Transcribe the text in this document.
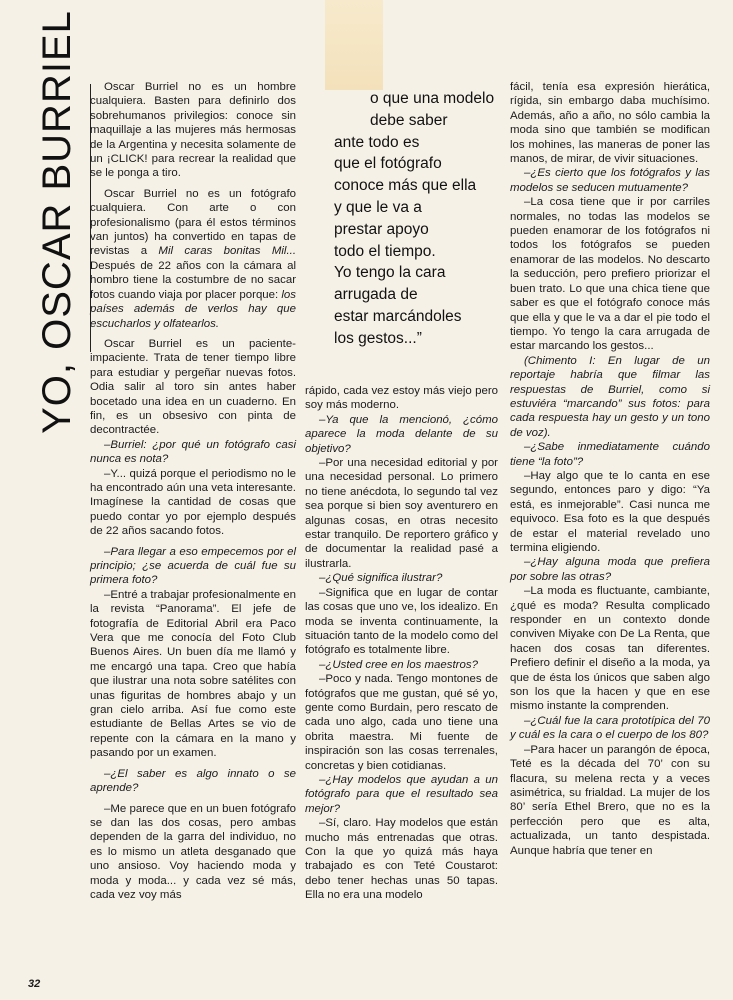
YO, OSCAR BURRIEL	Oscar Burriel no es un hombre cualquiera. Basten para definirlo dos sobrehumanos privilegios: conoce sin maquillaje a las mujeres más hermosas de la Argentina y necesita solamente de un ¡CLICK! para recrear la realidad que se le ponga a tiro.

Oscar Burriel no es un fotógrafo cualquiera. Con arte o con profesionalismo (para él estos términos van juntos) ha convertido en tapas de revistas a Mil caras bonitas Mil... Después de 22 años con la cámara al hombro tiene la costumbre de no sacar fotos cuando viaja por placer porque: los países además de verlos hay que escucharlos y olfatearlos.

Oscar Burriel es un paciente-impaciente. Trata de tener tiempo libre para estudiar y pergeñar nuevas fotos. Odia salir al toro sin antes haber bocetado una idea en un cuaderno. En fin, es un obsesivo con pinta de decontractée.

–Burriel: ¿por qué un fotógrafo casi nunca es nota?

–Y... quizá porque el periodismo no le ha encontrado aún una veta interesante. Imagínese la cantidad de cosas que puedo contar yo por ejemplo después de 22 años sacando fotos.

–Para llegar a eso empecemos por el principio; ¿se acuerda de cuál fue su primera foto?

–Entré a trabajar profesionalmente en la revista “Panorama”. El jefe de fotografía de Editorial Abril era Paco Vera que me conocía del Foto Club Buenos Aires. Un buen día me llamó y me encargó una tapa. Creo que había que ilustrar una nota sobre satélites con unas figuritas de hombres abajo y un gran cielo arriba. Así fue como este estudiante de Bellas Artes se vio de repente con la cámara en la mano y pasando por un examen.

–¿El saber es algo innato o se aprende?

–Me parece que en un buen fotógrafo se dan las dos cosas, pero ambas dependen de la garra del individuo, no es lo mismo un atleta desganado que uno ansioso. Voy haciendo moda y moda y moda... y cada vez sé más, cada vez voy más

o que una modelo
debe saber
ante todo es
que el fotógrafo
conoce más que ella
y que le va a
prestar apoyo
todo el tiempo.
Yo tengo la cara
arrugada de
estar marcándoles
los gestos...”

rápido, cada vez estoy más viejo pero soy más moderno.

–Ya que la mencionó, ¿cómo aparece la moda delante de su objetivo?

–Por una necesidad editorial y por una necesidad personal. Lo primero no tiene anécdota, lo segundo tal vez sea porque si bien soy aventurero en algunas cosas, en otras necesito estar tranquilo. De reportero gráfico y de documentar la realidad pasé a ilustrarla.

–¿Qué significa ilustrar?

–Significa que en lugar de contar las cosas que uno ve, los idealizo. En moda se inventa continuamente, la situación tanto de la modelo como del fotógrafo es totalmente libre.

–¿Usted cree en los maestros?

–Poco y nada. Tengo montones de fotógrafos que me gustan, qué sé yo, gente como Burdain, pero rescato de cada uno algo, cada uno tiene una obrita maestra. Mi fuente de inspiración son las cosas terrenales, concretas y bien cotidianas.

–¿Hay modelos que ayudan a un fotógrafo para que el resultado sea mejor?

–Sí, claro. Hay modelos que están mucho más entrenadas que otras. Con la que yo quizá más haya trabajado es con Teté Coustarot: debo tener hechas unas 50 tapas. Ella no era una modelo

fácil, tenía esa expresión hierática, rígida, sin embargo daba muchísimo. Además, año a año, no sólo cambia la moda sino que también se modifican los mohines, las maneras de poner las manos, de mirar, de vivir situaciones.

–¿Es cierto que los fotógrafos y las modelos se seducen mutuamente?

–La cosa tiene que ir por carriles normales, no todas las modelos se pueden enamorar de los fotógrafos ni todos los fotógrafos se pueden enamorar de las modelos. No descarto la seducción, pero prefiero priorizar el buen trato. Lo que una chica tiene que saber es que el fotógrafo conoce más que ella y que le va a dar el pie todo el tiempo. Yo tengo la cara arrugada de estar marcando los gestos...

(Chimento I: En lugar de un reportaje habría que filmar las respuestas de Burriel, como si estuviéra “marcando” sus fotos: para cada respuesta hay un gesto y un tono de voz).

–¿Sabe inmediatamente cuándo tiene “la foto”?

–Hay algo que te lo canta en ese segundo, entonces paro y digo: “Ya está, es inmejorable”. Casi nunca me equivoco. Esa foto es la que después de estar el material revelado uno termina eligiendo.

–¿Hay alguna moda que prefiera por sobre las otras?

–La moda es fluctuante, cambiante, ¿qué es moda? Resulta complicado responder en un contexto donde conviven Miyake con De La Renta, que hacen dos cosas tan diferentes. Prefiero definir el diseño a la moda, ya que de ésta los únicos que saben algo son los que la hacen y que en ese mismo instante la comprenden.

–¿Cuál fue la cara prototípica del 70 y cuál es la cara o el cuerpo de los 80?

–Para hacer un parangón de época, Teté es la década del 70’ con su flacura, su melena recta y a veces asimétrica, su frialdad. La mujer de los 80’ sería Ethel Brero, que no es la perfección pero que es alta, actualizada, un tanto despistada. Aunque habría que tener en

32
